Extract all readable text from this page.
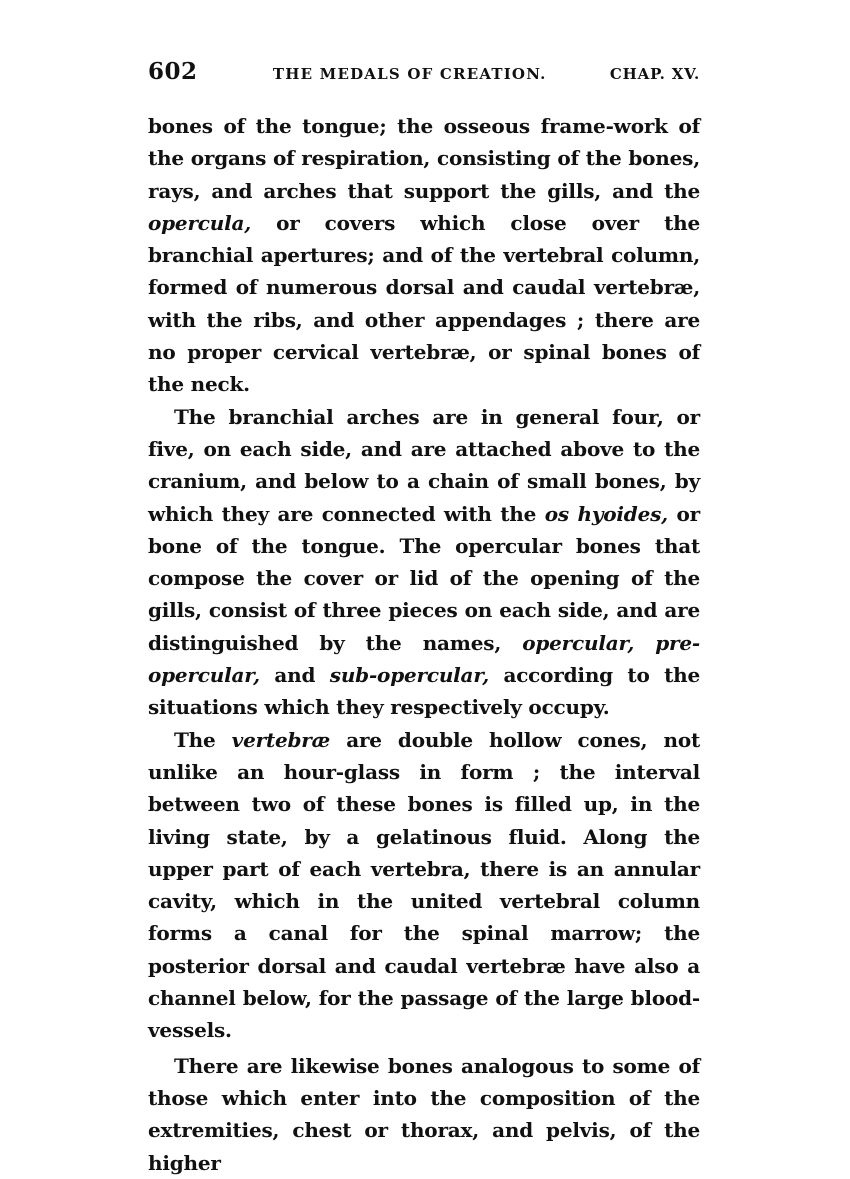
602	THE MEDALS OF CREATION.	CHAP. XV.

bones of the tongue; the osseous frame-work of the organs of respiration, consisting of the bones, rays, and arches that support the gills, and the opercula, or covers which close over the branchial apertures; and of the vertebral column, formed of numerous dorsal and caudal vertebræ, with the ribs, and other appendages ; there are no proper cervical vertebræ, or spinal bones of the neck.

The branchial arches are in general four, or five, on each side, and are attached above to the cranium, and below to a chain of small bones, by which they are connected with the os hyoides, or bone of the tongue. The opercular bones that compose the cover or lid of the opening of the gills, consist of three pieces on each side, and are distinguished by the names, opercular, pre-opercular, and sub-opercular, according to the situations which they respectively occupy.

The vertebræ are double hollow cones, not unlike an hour-glass in form ; the interval between two of these bones is filled up, in the living state, by a gelatinous fluid. Along the upper part of each vertebra, there is an annular cavity, which in the united vertebral column forms a canal for the spinal marrow; the posterior dorsal and caudal vertebræ have also a channel below, for the passage of the large blood-vessels.

There are likewise bones analogous to some of those which enter into the composition of the extremities, chest or thorax, and pelvis, of the higher
